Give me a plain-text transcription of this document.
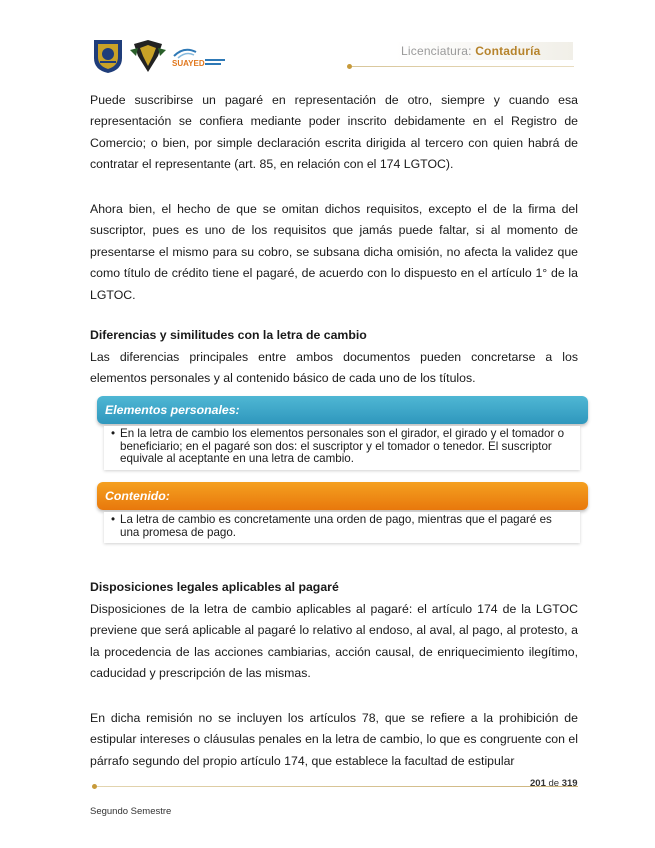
SUAYED
Licenciatura: Contaduría

Puede suscribirse un pagaré en representación de otro, siempre y cuando esa representación se confiera mediante poder inscrito debidamente en el Registro de Comercio; o bien, por simple declaración escrita dirigida al tercero con quien habrá de contratar el representante (art. 85, en relación con el 174 LGTOC).

Ahora bien, el hecho de que se omitan dichos requisitos, excepto el de la firma del suscriptor, pues es uno de los requisitos que jamás puede faltar, si al momento de presentarse el mismo para su cobro, se subsana dicha omisión, no afecta la validez que como título de crédito tiene el pagaré, de acuerdo con lo dispuesto en el artículo 1° de la LGTOC.

Diferencias y similitudes con la letra de cambio

Las diferencias principales entre ambos documentos pueden concretarse a los elementos personales y al contenido básico de cada uno de los títulos.

Elementos personales:
• En la letra de cambio los elementos personales son el girador, el girado y el tomador o beneficiario; en el pagaré son dos: el suscriptor y el tomador o tenedor. El suscriptor equivale al aceptante en una letra de cambio.
Contenido:
• La letra de cambio es concretamente una orden de pago, mientras que el pagaré es una promesa de pago.
Disposiciones legales aplicables al pagaré

Disposiciones de la letra de cambio aplicables al pagaré: el artículo 174 de la LGTOC previene que será aplicable al pagaré lo relativo al endoso, al aval, al pago, al protesto, a la procedencia de las acciones cambiarias, acción causal, de enriquecimiento ilegítimo, caducidad y prescripción de las mismas.

En dicha remisión no se incluyen los artículos 78, que se refiere a la prohibición de estipular intereses o cláusulas penales en la letra de cambio, lo que es congruente con el párrafo segundo del propio artículo 174, que establece la facultad de estipular

201 de 319
Segundo Semestre
